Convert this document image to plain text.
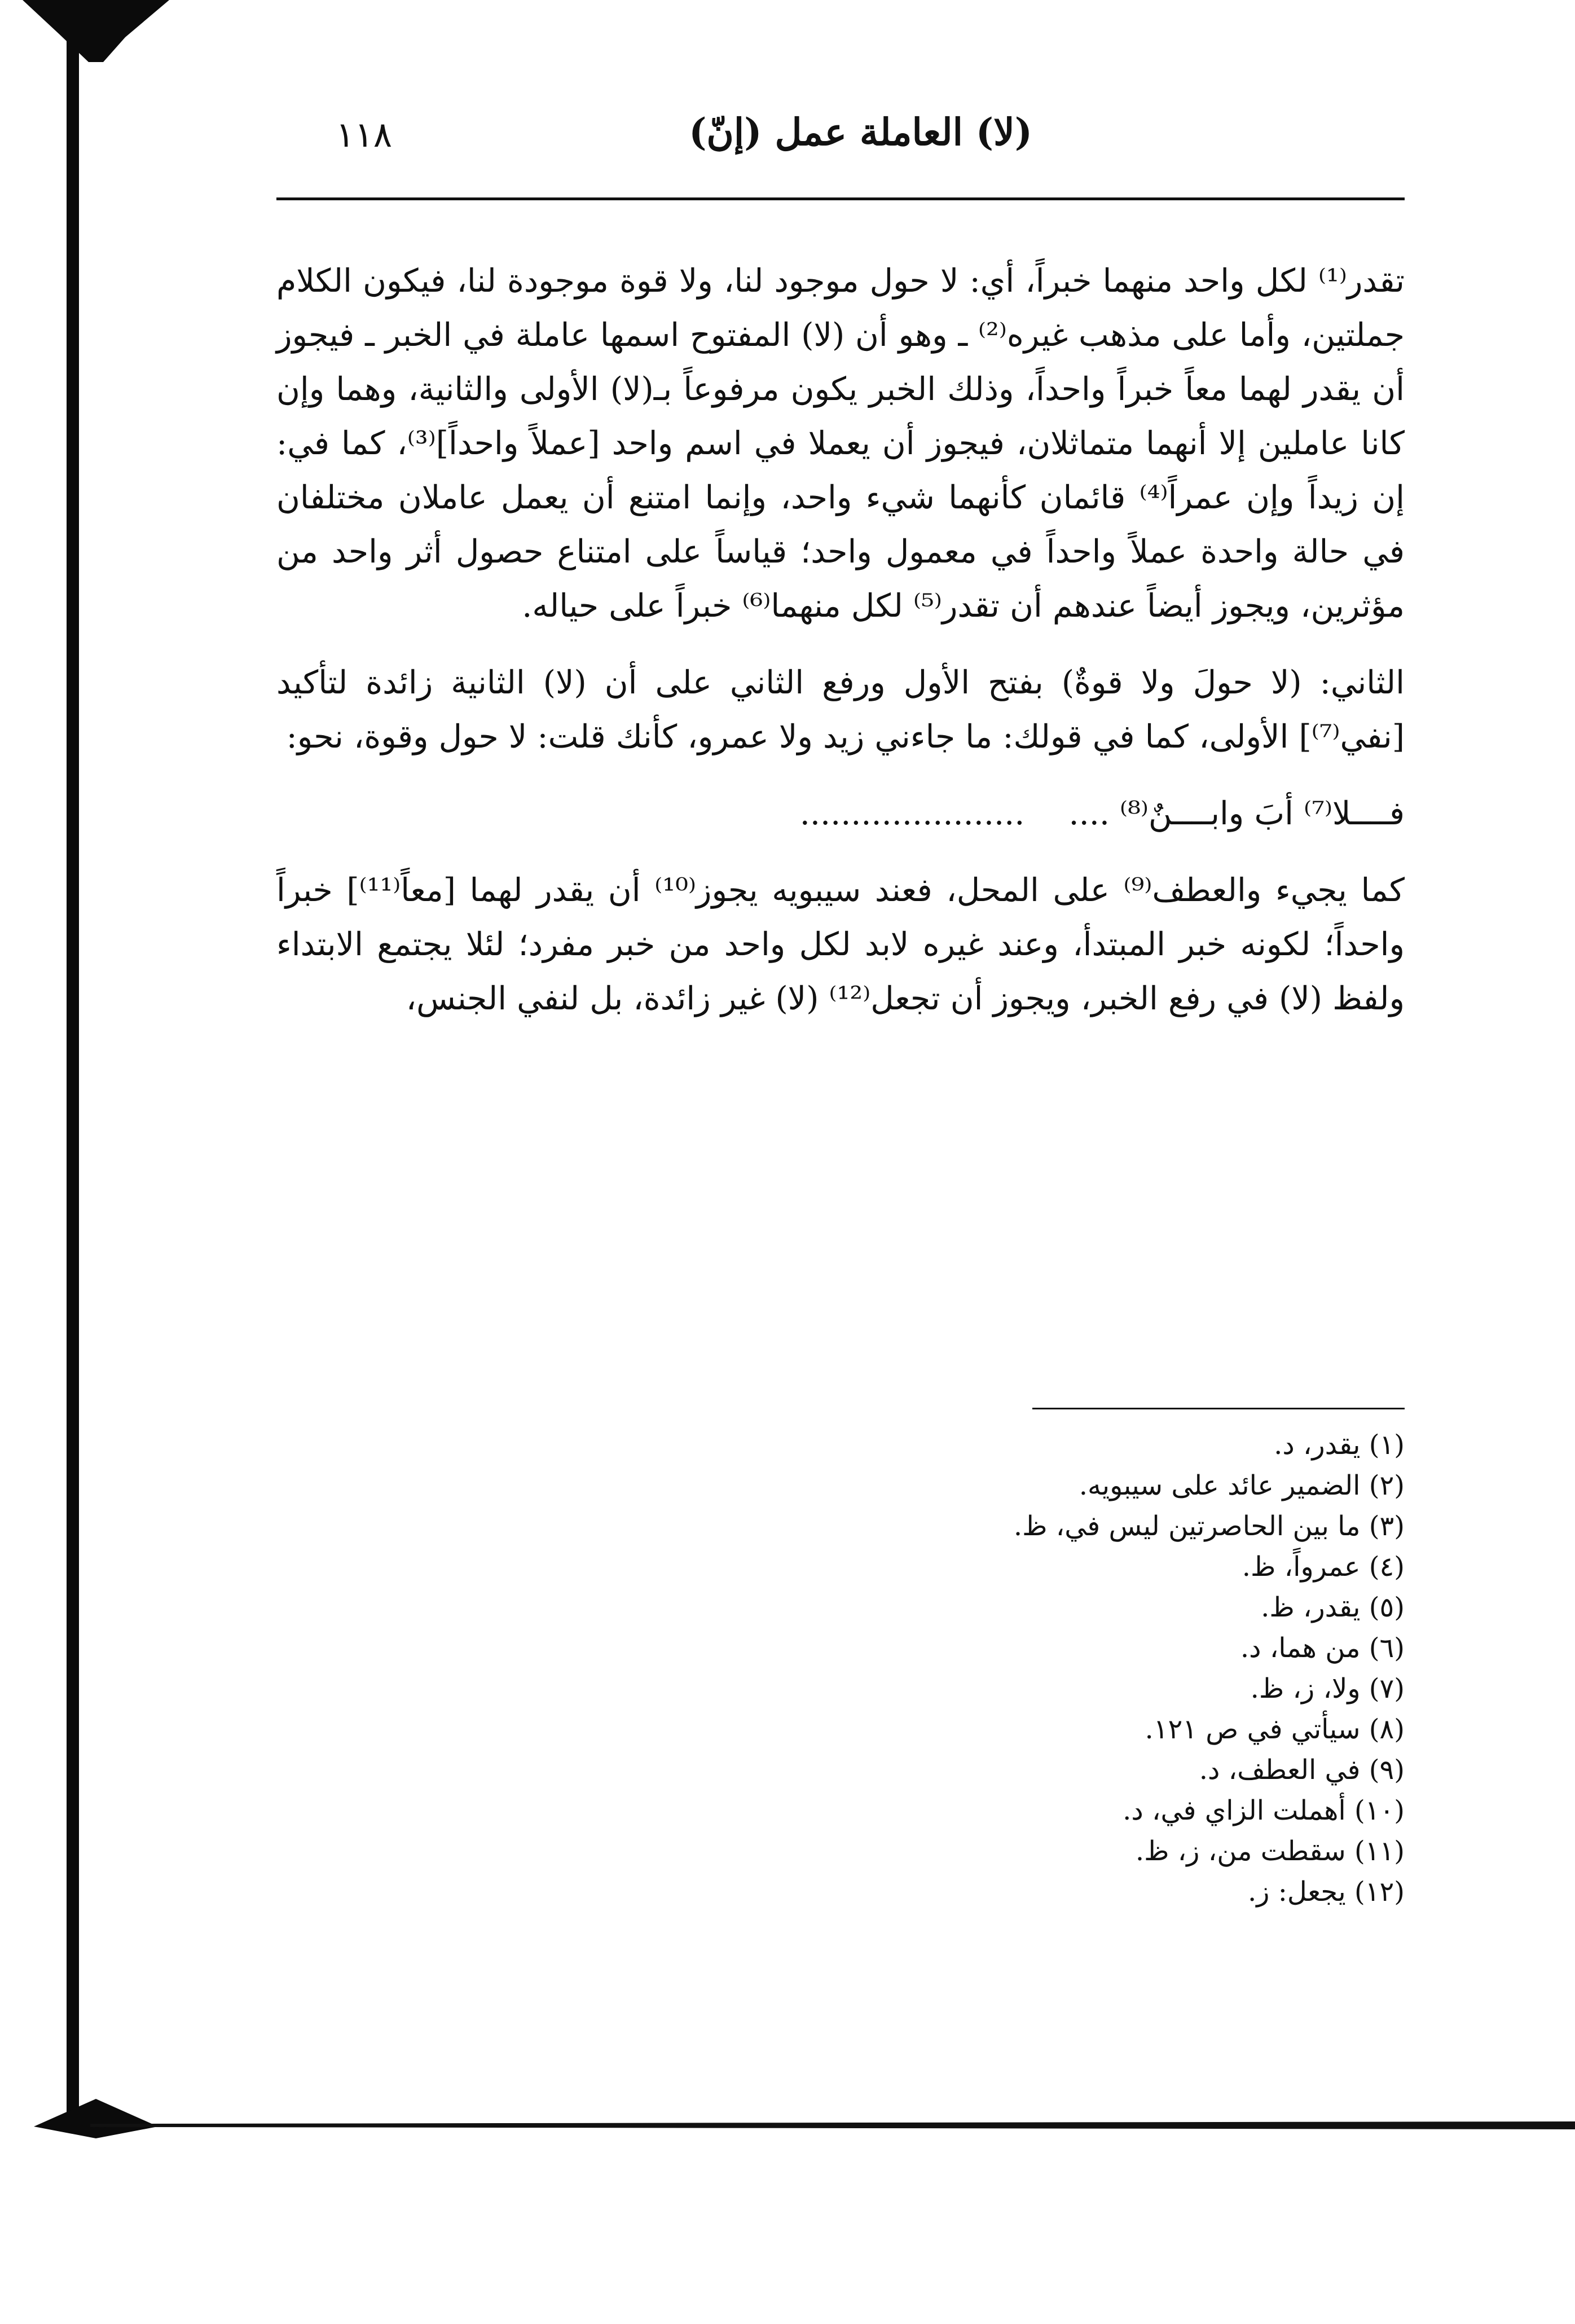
(لا) العاملة عمل (إنّ)
١١٨

تقدر⁽¹⁾ لكل واحد منهما خبراً، أي: لا حول موجود لنا، ولا قوة موجودة لنا، فيكون الكلام جملتين، وأما على مذهب غيره⁽²⁾ ـ وهو أن (لا) المفتوح اسمها عاملة في الخبر ـ فيجوز أن يقدر لهما معاً خبراً واحداً، وذلك الخبر يكون مرفوعاً بـ(لا) الأولى والثانية، وهما وإن كانا عاملين إلا أنهما متماثلان، فيجوز أن يعملا في اسم واحد [عملاً واحداً]⁽³⁾، كما في: إن زيداً وإن عمراً⁽⁴⁾ قائمان كأنهما شيء واحد، وإنما امتنع أن يعمل عاملان مختلفان في حالة واحدة عملاً واحداً في معمول واحد؛ قياساً على امتناع حصول أثر واحد من مؤثرين، ويجوز أيضاً عندهم أن تقدر⁽⁵⁾ لكل منهما⁽⁶⁾ خبراً على حياله.

الثاني: (لا حولَ ولا قوةٌ) بفتح الأول ورفع الثاني على أن (لا) الثانية زائدة لتأكيد [نفي⁽⁷⁾] الأولى، كما في قولك: ما جاءني زيد ولا عمرو، كأنك قلت: لا حول وقوة، نحو:

فــــلا⁽⁷⁾ أبَ وابــــنٌ⁽⁸⁾ .... ......................

كما يجيء والعطف⁽⁹⁾ على المحل، فعند سيبويه يجوز⁽¹⁰⁾ أن يقدر لهما [معاً⁽¹¹⁾] خبراً واحداً؛ لكونه خبر المبتدأ، وعند غيره لابد لكل واحد من خبر مفرد؛ لئلا يجتمع الابتداء ولفظ (لا) في رفع الخبر، ويجوز أن تجعل⁽¹²⁾ (لا) غير زائدة، بل لنفي الجنس،

(١) يقدر، د.
(٢) الضمير عائد على سيبويه.
(٣) ما بين الحاصرتين ليس في، ظ.
(٤) عمرواً، ظ.
(٥) يقدر، ظ.
(٦) من هما، د.
(٧) ولا، ز، ظ.
(٨) سيأتي في ص ١٢١.
(٩) في العطف، د.
(١٠) أهملت الزاي في، د.
(١١) سقطت من، ز، ظ.
(١٢) يجعل: ز.
